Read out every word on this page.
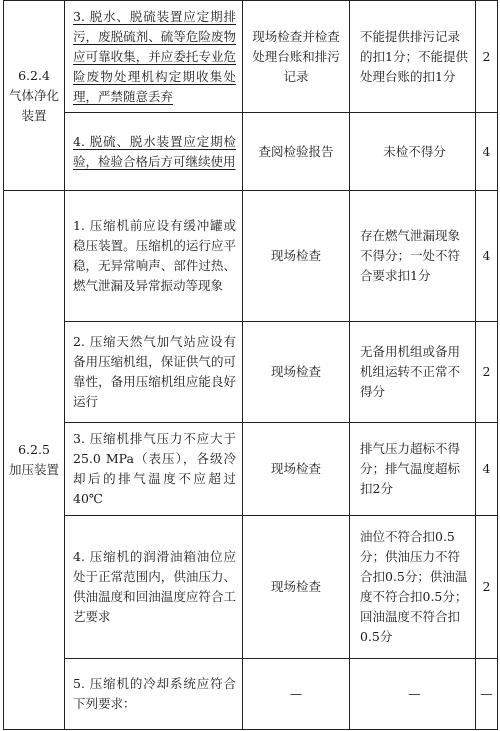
6.2.4
气体净化装置	3. 脱水、脱硫装置应定期排污，废脱硫剂、硫等危险废物应可靠收集，并应委托专业危险废物处理机构定期收集处理，严禁随意丢弃	现场检查并检查处理台账和排污记录	不能提供排污记录的扣1分；不能提供处理台账的扣1分	2
	4. 脱硫、脱水装置应定期检验，检验合格后方可继续使用	查阅检验报告	未检不得分	4

6.2.5
加压装置	1. 压缩机前应设有缓冲罐或稳压装置。压缩机的运行应平稳，无异常响声、部件过热、燃气泄漏及异常振动等现象	现场检查	存在燃气泄漏现象不得分；一处不符合要求扣1分	4
	2. 压缩天然气加气站应设有备用压缩机组，保证供气的可靠性，备用压缩机组应能良好运行	现场检查	无备用机组或备用机组运转不正常不得分	2
	3. 压缩机排气压力不应大于25.0 MPa（表压），各级冷却后的排气温度不应超过40℃	现场检查	排气压力超标不得分；排气温度超标扣2分	4
	4. 压缩机的润滑油箱油位应处于正常范围内，供油压力、供油温度和回油温度应符合工艺要求	现场检查	油位不符合扣0.5分；供油压力不符合扣0.5分；供油温度不符合扣0.5分；回油温度不符合扣0.5分	2
	5. 压缩机的冷却系统应符合下列要求：	—	—	—
